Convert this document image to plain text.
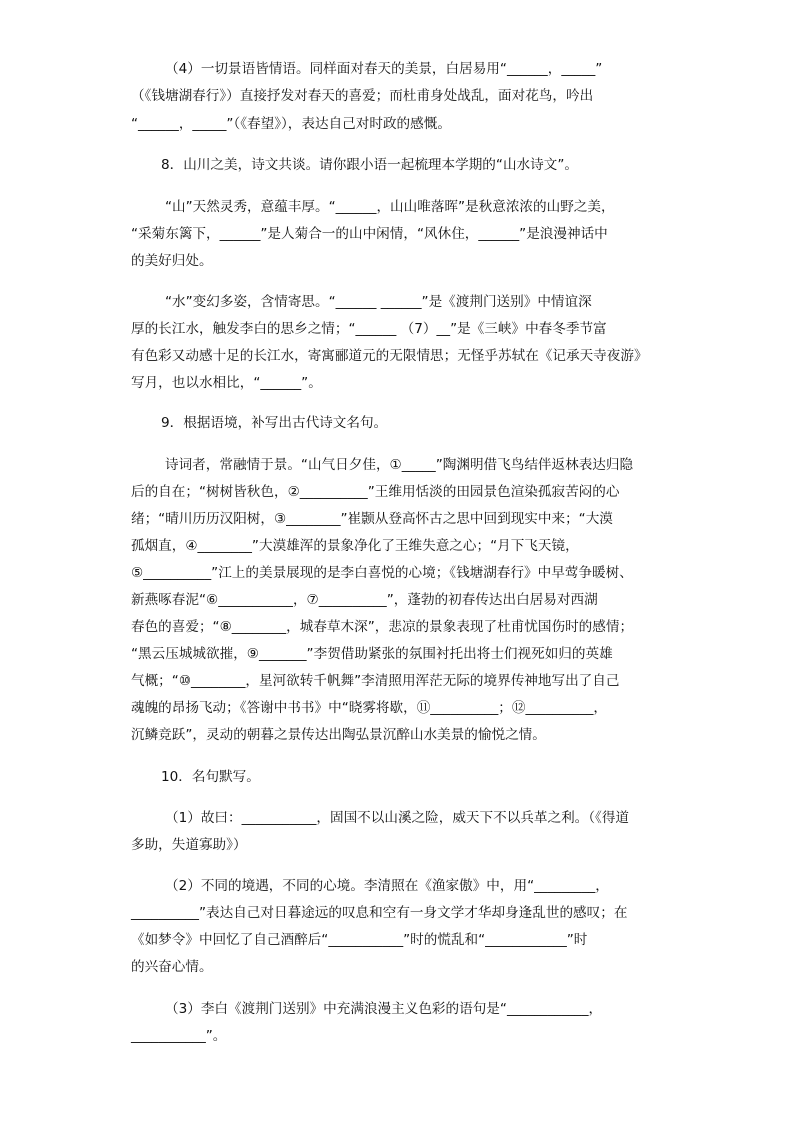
（4）一切景语皆情语。同样面对春天的美景，白居易用“______，_____”
（《钱塘湖春行》）直接抒发对春天的喜爱；而杜甫身处战乱，面对花鸟，吟出
“______，_____”（《春望》），表达自己对时政的感慨。
8．山川之美，诗文共谈。请你跟小语一起梳理本学期的“山水诗文”。
“山”天然灵秀，意蕴丰厚。“______，山山唯落晖”是秋意浓浓的山野之美，
“采菊东篱下，______”是人菊合一的山中闲情，“风休住，______”是浪漫神话中
的美好归处。
“水”变幻多姿，含情寄思。“______ ______”是《渡荆门送别》中情谊深
厚的长江水，触发李白的思乡之情；“______ （7）__”是《三峡》中春冬季节富
有色彩又动感十足的长江水，寄寓郦道元的无限情思；无怪乎苏轼在《记承天寺夜游》
写月，也以水相比，“______”。
9．根据语境，补写出古代诗文名句。
诗词者，常融情于景。“山气日夕佳，①_____”陶渊明借飞鸟结伴返林表达归隐
后的自在；“树树皆秋色，②__________”王维用恬淡的田园景色渲染孤寂苦闷的心
绪；“晴川历历汉阳树，③________”崔颢从登高怀古之思中回到现实中来；“大漠
孤烟直，④________”大漠雄浑的景象净化了王维失意之心；“月下飞天镜，
⑤__________”江上的美景展现的是李白喜悦的心境；《钱塘湖春行》中早莺争暖树、
新燕啄春泥“⑥___________，⑦__________”，蓬勃的初春传达出白居易对西湖
春色的喜爱；“⑧________，城春草木深”，悲凉的景象表现了杜甫忧国伤时的感情；
“黑云压城城欲摧，⑨_______”李贺借助紧张的氛围衬托出将士们视死如归的英雄
气概；“⑩________，星河欲转千帆舞”李清照用浑茫无际的境界传神地写出了自己
魂魄的昂扬飞动；《答谢中书书》中“晓雾将歇，⑪__________；⑫__________，
沉鳞竞跃”，灵动的朝暮之景传达出陶弘景沉醉山水美景的愉悦之情。
10．名句默写。
（1）故曰：___________，固国不以山溪之险，威天下不以兵革之利。（《得道
多助，失道寡助》）
（2）不同的境遇，不同的心境。李清照在《渔家傲》中，用“_________，
__________”表达自己对日暮途远的叹息和空有一身文学才华却身逢乱世的感叹；在
《如梦令》中回忆了自己酒醉后“___________”时的慌乱和“____________”时
的兴奋心情。
（3）李白《渡荆门送别》中充满浪漫主义色彩的语句是“____________，
___________”。
